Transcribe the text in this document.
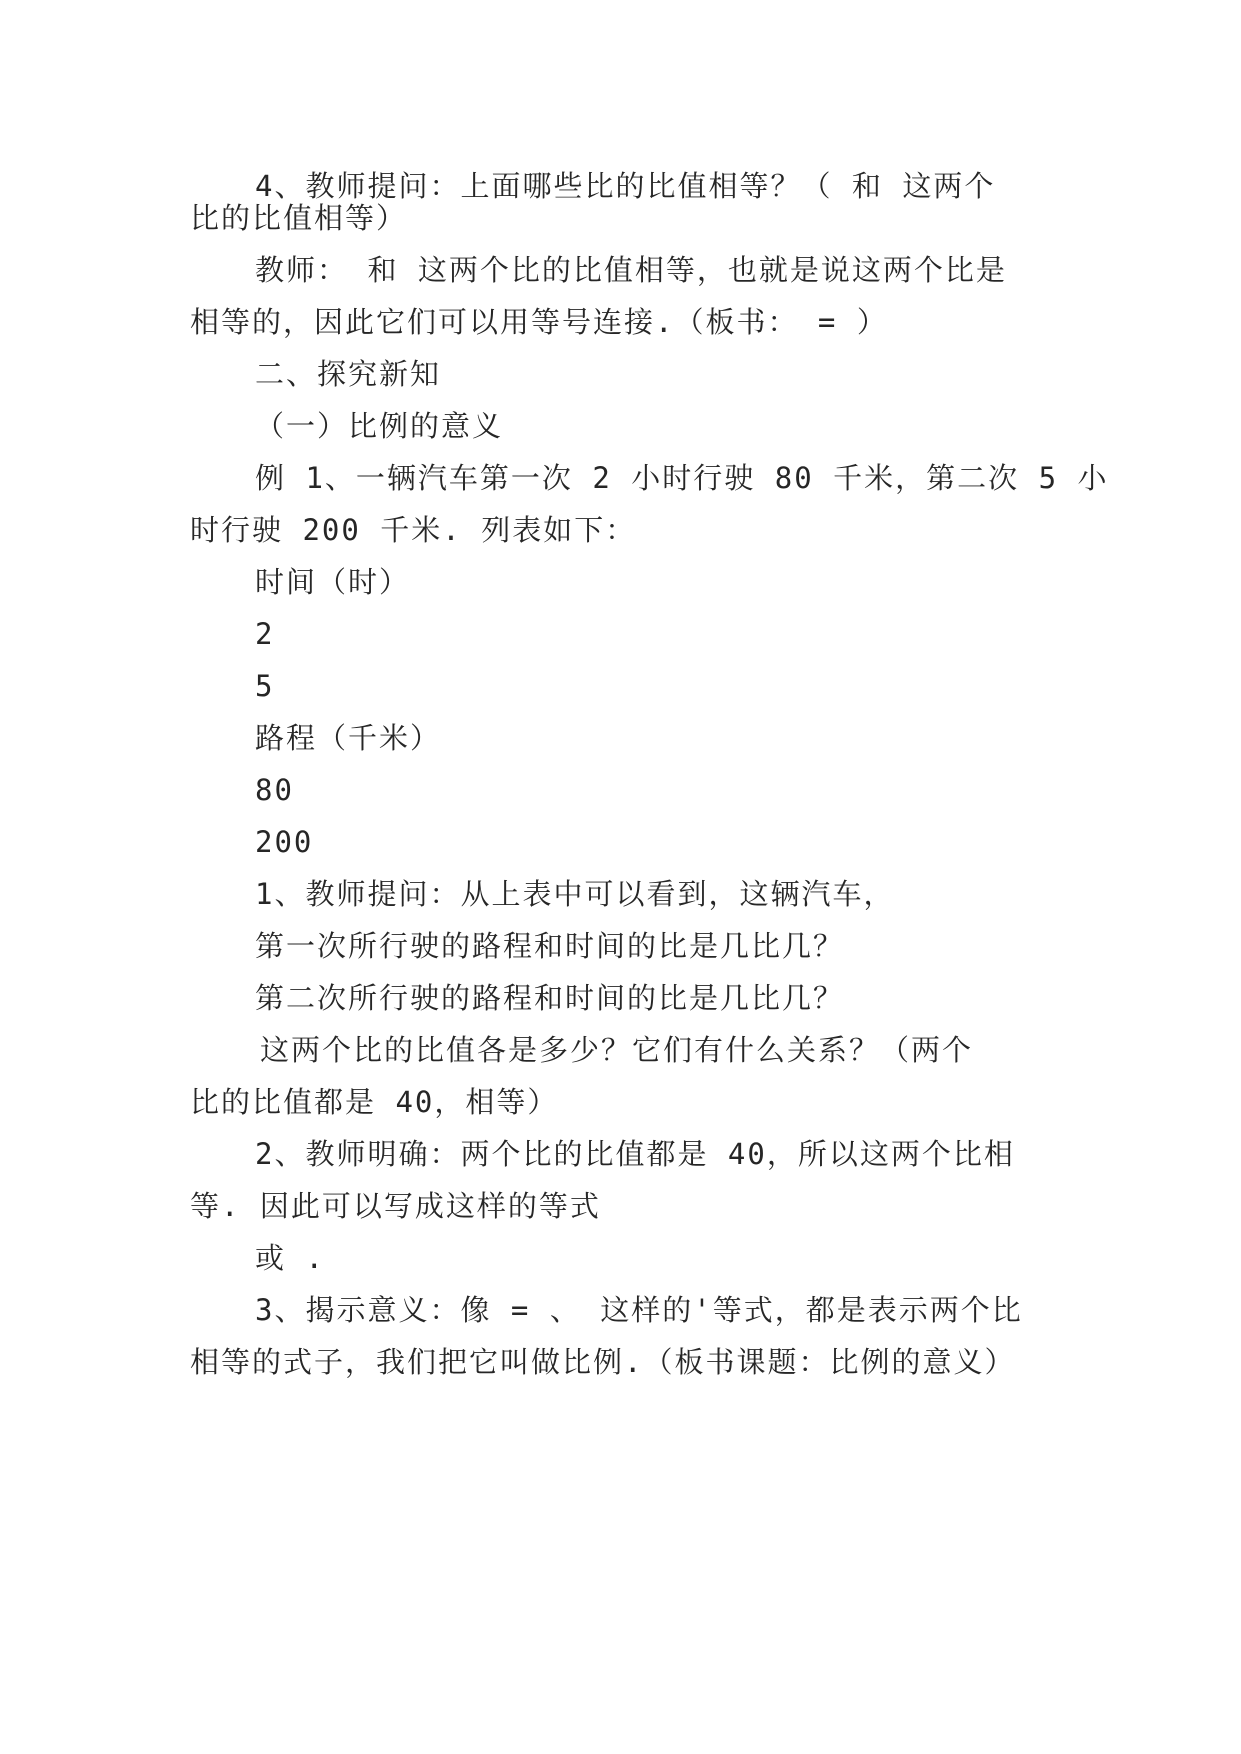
4、教师提问：上面哪些比的比值相等？（ 和 这两个

比的比值相等）

教师： 和 这两个比的比值相等，也就是说这两个比是

相等的，因此它们可以用等号连接.（板书： = ）

二、探究新知

（一）比例的意义

例 1、一辆汽车第一次 2 小时行驶 80 千米，第二次 5 小

时行驶 200 千米. 列表如下：

时间（时）

2

5

路程（千米）

80

200

1、教师提问：从上表中可以看到，这辆汽车，

第一次所行驶的路程和时间的比是几比几？

第二次所行驶的路程和时间的比是几比几？

这两个比的比值各是多少？它们有什么关系？（两个

比的比值都是 40，相等）

2、教师明确：两个比的比值都是 40，所以这两个比相

等. 因此可以写成这样的等式

或 .

3、揭示意义：像 = 、 这样的'等式，都是表示两个比

相等的式子，我们把它叫做比例.（板书课题：比例的意义）
